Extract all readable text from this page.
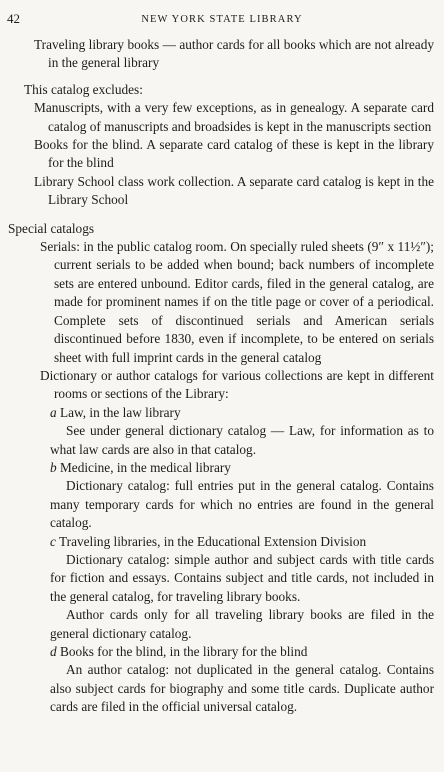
42	NEW YORK STATE LIBRARY

Traveling library books — author cards for all books which are not already in the general library

This catalog excludes:

Manuscripts, with a very few exceptions, as in genealogy. A separate card catalog of manuscripts and broadsides is kept in the manuscripts section

Books for the blind. A separate card catalog of these is kept in the library for the blind

Library School class work collection. A separate card catalog is kept in the Library School

Special catalogs

Serials: in the public catalog room. On specially ruled sheets (9″ x 11½″); current serials to be added when bound; back numbers of incomplete sets are entered unbound. Editor cards, filed in the general catalog, are made for prominent names if on the title page or cover of a periodical. Complete sets of discontinued serials and American serials discontinued before 1830, even if incomplete, to be entered on serials sheet with full imprint cards in the general catalog

Dictionary or author catalogs for various collections are kept in different rooms or sections of the Library:

a Law, in the law library

See under general dictionary catalog — Law, for information as to what law cards are also in that catalog.

b Medicine, in the medical library

Dictionary catalog: full entries put in the general catalog. Contains many temporary cards for which no entries are found in the general catalog.

c Traveling libraries, in the Educational Extension Division

Dictionary catalog: simple author and subject cards with title cards for fiction and essays. Contains subject and title cards, not included in the general catalog, for traveling library books.

Author cards only for all traveling library books are filed in the general dictionary catalog.

d Books for the blind, in the library for the blind

An author catalog: not duplicated in the general catalog. Contains also subject cards for biography and some title cards. Duplicate author cards are filed in the official universal catalog.
